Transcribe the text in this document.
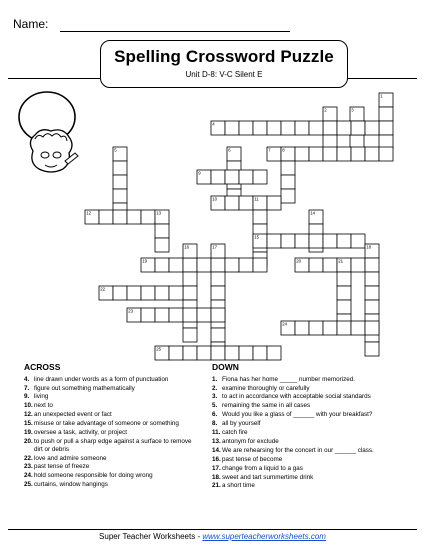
Name:
Spelling Crossword Puzzle
Unit D-8: V-C Silent E
1
2	3
4
5	6	7	8
9
10	11
12	13	14
15
16	17	18
19	20	21
22
23
24
25
ACROSS
4. line drawn under words as a form of punctuation
7. figure out something mathematically
9. living
10. next to
12. an unexpected event or fact
15. misuse or take advantage of someone or something
19. oversee a task, activity, or project
20. to push or pull a sharp edge against a surface to remove dirt or debris
22. love and admire someone
23. past tense of freeze
24. hold someone responsible for doing wrong
25. curtains, window hangings
DOWN
1. Fiona has her home _____ number memorized.
2. examine thoroughly or carefully
3. to act in accordance with acceptable social standards
5. remaining the same in all cases
6. Would you like a glass of ______ with your breakfast?
8. all by yourself
11. catch fire
13. antonym for exclude
14. We are rehearsing for the concert in our ______ class.
16. past tense of become
17. change from a liquid to a gas
18. sweet and tart summertime drink
21. a short time
Super Teacher Worksheets - www.superteacherworksheets.com
